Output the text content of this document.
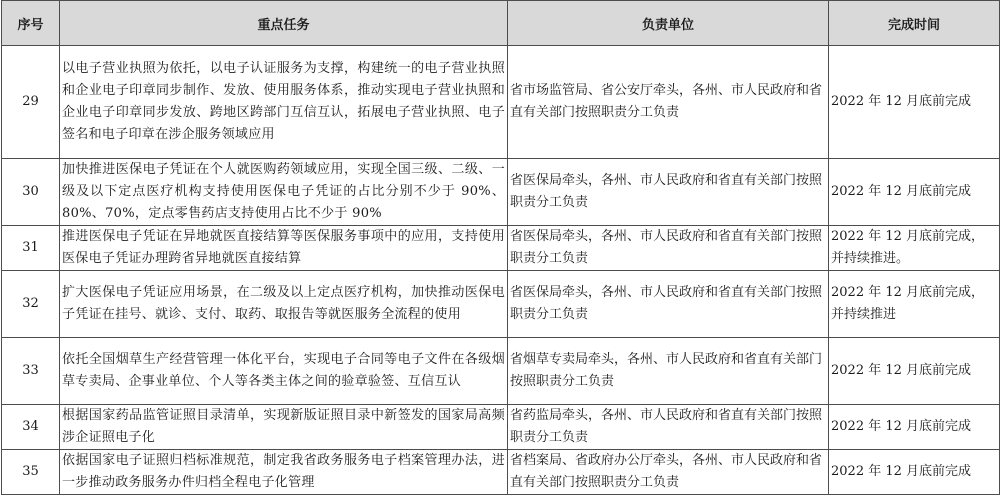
序号	重点任务	负责单位	完成时间
29	以电子营业执照为依托，以电子认证服务为支撑，构建统一的电子营业执照和企业电子印章同步制作、发放、使用服务体系，推动实现电子营业执照和企业电子印章同步发放、跨地区跨部门互信互认，拓展电子营业执照、电子签名和电子印章在涉企服务领域应用	省市场监管局、省公安厅牵头，各州、市人民政府和省直有关部门按照职责分工负责	2022 年 12 月底前完成
30	加快推进医保电子凭证在个人就医购药领域应用，实现全国三级、二级、一级及以下定点医疗机构支持使用医保电子凭证的占比分别不少于 90%、80%、70%，定点零售药店支持使用占比不少于 90%	省医保局牵头，各州、市人民政府和省直有关部门按照职责分工负责	2022 年 12 月底前完成
31	推进医保电子凭证在异地就医直接结算等医保服务事项中的应用，支持使用医保电子凭证办理跨省异地就医直接结算	省医保局牵头，各州、市人民政府和省直有关部门按照职责分工负责	2022 年 12 月底前完成，并持续推进。
32	扩大医保电子凭证应用场景，在二级及以上定点医疗机构，加快推动医保电子凭证在挂号、就诊、支付、取药、取报告等就医服务全流程的使用	省医保局牵头，各州、市人民政府和省直有关部门按照职责分工负责	2022 年 12 月底前完成，并持续推进
33	依托全国烟草生产经营管理一体化平台，实现电子合同等电子文件在各级烟草专卖局、企事业单位、个人等各类主体之间的验章验签、互信互认	省烟草专卖局牵头，各州、市人民政府和省直有关部门按照职责分工负责	2022 年 12 月底前完成
34	根据国家药品监管证照目录清单，实现新版证照目录中新签发的国家局高频涉企证照电子化	省药监局牵头，各州、市人民政府和省直有关部门按照职责分工负责	2022 年 12 月底前完成
35	依据国家电子证照归档标准规范，制定我省政务服务电子档案管理办法，进一步推动政务服务办件归档全程电子化管理	省档案局、省政府办公厅牵头，各州、市人民政府和省直有关部门按照职责分工负责	2022 年 12 月底前完成
